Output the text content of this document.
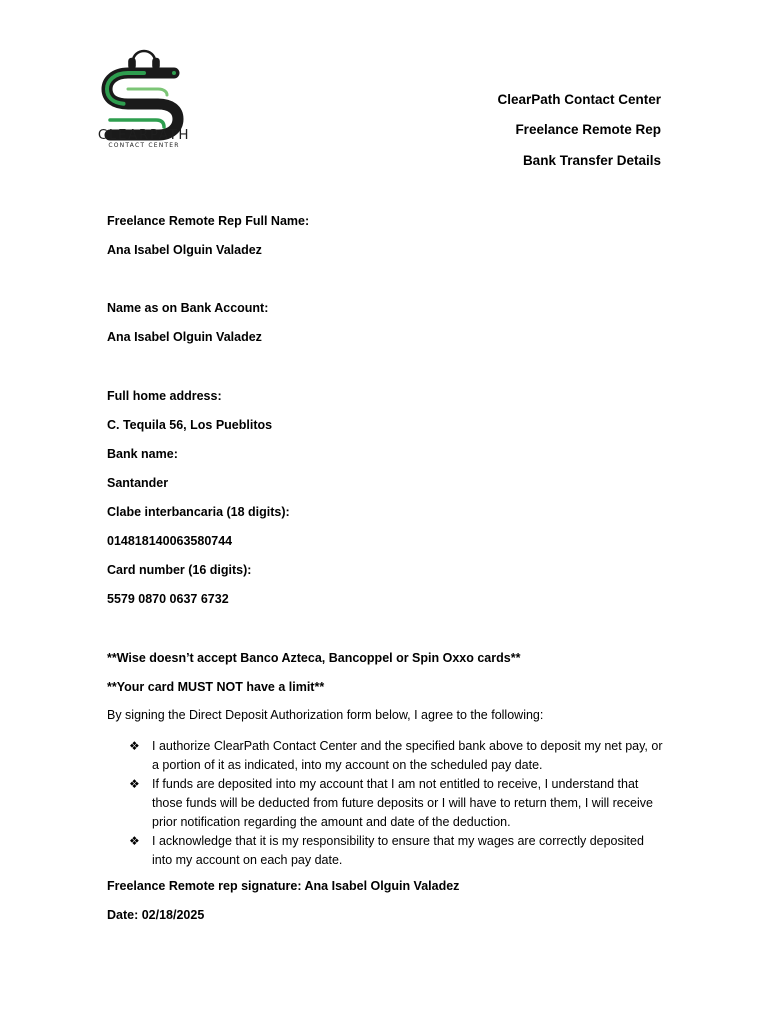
CLEARPATH
CONTACT CENTER
ClearPath Contact Center
Freelance Remote Rep
Bank Transfer Details
Freelance Remote Rep Full Name:
Ana Isabel Olguin Valadez
Name as on Bank Account:
Ana Isabel Olguin Valadez
Full home address:
C. Tequila 56, Los Pueblitos
Bank name:
Santander
Clabe interbancaria (18 digits):
014818140063580744
Card number (16 digits):
5579 0870 0637 6732
**Wise doesn’t accept Banco Azteca, Bancoppel or Spin Oxxo cards**
**Your card MUST NOT have a limit**
By signing the Direct Deposit Authorization form below, I agree to the following:
❖ I authorize ClearPath Contact Center and the specified bank above to deposit my net pay, or a portion of it as indicated, into my account on the scheduled pay date.
❖ If funds are deposited into my account that I am not entitled to receive, I understand that those funds will be deducted from future deposits or I will have to return them, I will receive prior notification regarding the amount and date of the deduction.
❖ I acknowledge that it is my responsibility to ensure that my wages are correctly deposited into my account on each pay date.
Freelance Remote rep signature: Ana Isabel Olguin Valadez
Date: 02/18/2025
